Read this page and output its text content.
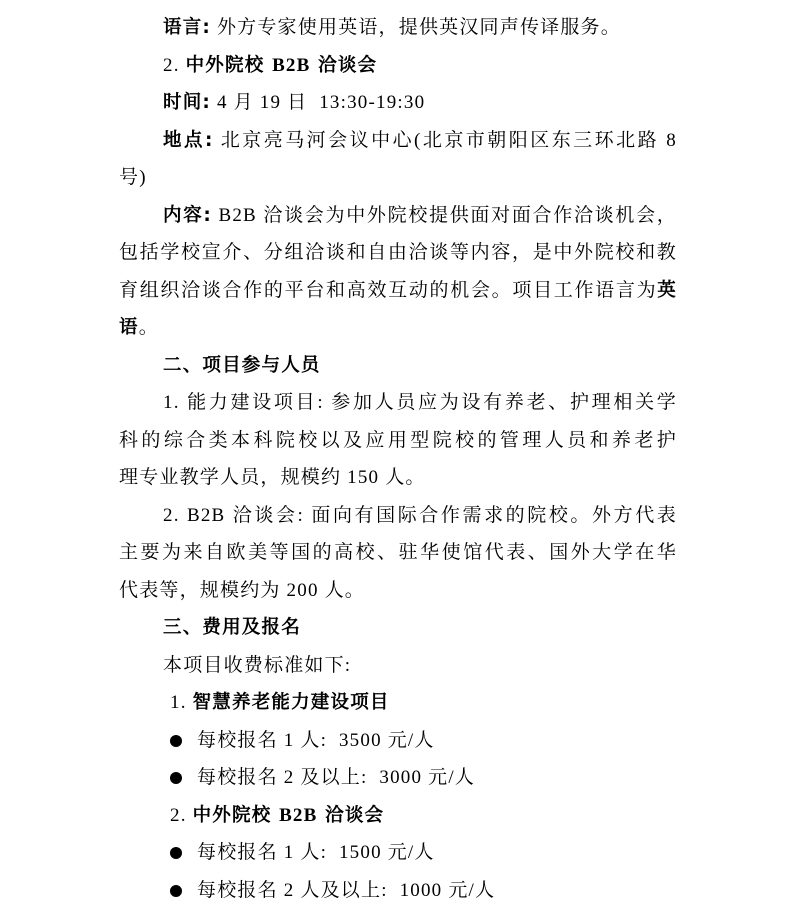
语言: 外方专家使用英语，提供英汉同声传译服务。
2. 中外院校 B2B 洽谈会
时间: 4 月 19 日  13:30-19:30
地点: 北京亮马河会议中心(北京市朝阳区东三环北路 8
号)
内容: B2B 洽谈会为中外院校提供面对面合作洽谈机会，
包括学校宣介、分组洽谈和自由洽谈等内容，是中外院校和教
育组织洽谈合作的平台和高效互动的机会。项目工作语言为英
语。
二、项目参与人员
1. 能力建设项目: 参加人员应为设有养老、护理相关学
科的综合类本科院校以及应用型院校的管理人员和养老护
理专业教学人员，规模约 150 人。
2. B2B 洽谈会: 面向有国际合作需求的院校。外方代表
主要为来自欧美等国的高校、驻华使馆代表、国外大学在华
代表等，规模约为 200 人。
三、费用及报名
本项目收费标准如下:
1. 智慧养老能力建设项目
每校报名 1 人:  3500 元/人
每校报名 2 及以上:  3000 元/人
2. 中外院校 B2B 洽谈会
每校报名 1 人:  1500 元/人
每校报名 2 人及以上:  1000 元/人
